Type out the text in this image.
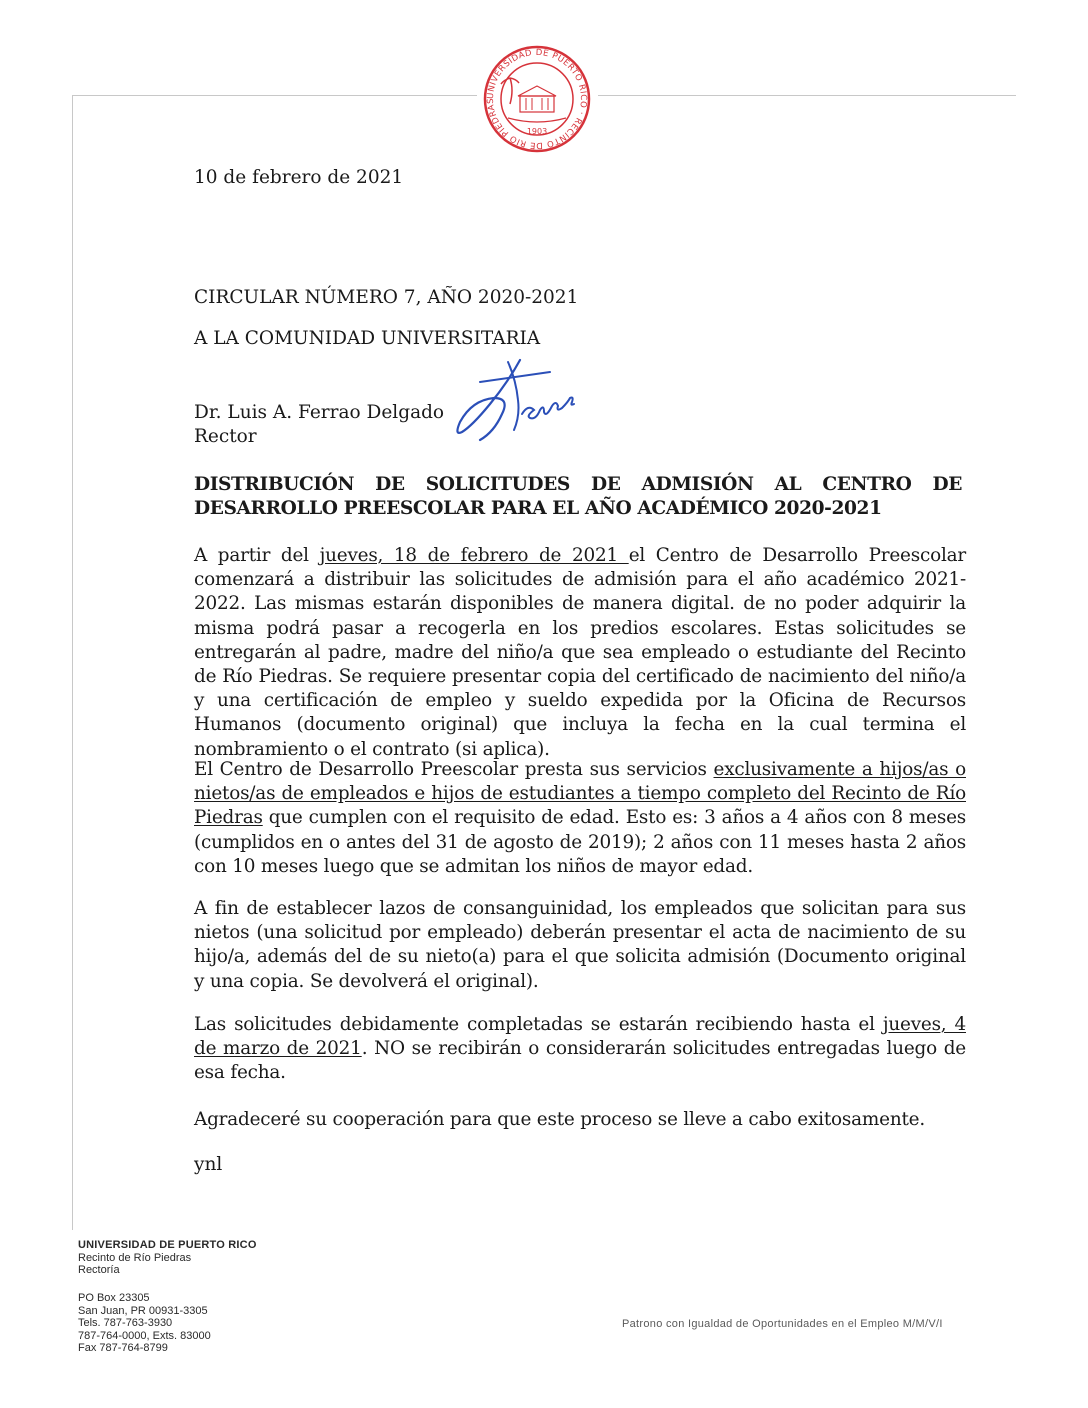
UNIVERSIDAD DE PUERTO RICO · RECINTO DE RÍO PIEDRAS
1903
10 de febrero de 2021
CIRCULAR NÚMERO 7, AÑO 2020-2021
A LA COMUNIDAD UNIVERSITARIA
Dr. Luis A. Ferrao Delgado
Rector
DISTRIBUCIÓN DE SOLICITUDES DE ADMISIÓN AL CENTRO DE
DESARROLLO PREESCOLAR PARA EL AÑO ACADÉMICO 2020-2021
A partir del jueves, 18 de febrero de 2021 el Centro de Desarrollo Preescolar comenzará a distribuir las solicitudes de admisión para el año académico 2021-2022. Las mismas estarán disponibles de manera digital. de no poder adquirir la misma podrá pasar a recogerla en los predios escolares. Estas solicitudes se entregarán al padre, madre del niño/a que sea empleado o estudiante del Recinto de Río Piedras. Se requiere presentar copia del certificado de nacimiento del niño/a y una certificación de empleo y sueldo expedida por la Oficina de Recursos Humanos (documento original) que incluya la fecha en la cual termina el nombramiento o el contrato (si aplica).
El Centro de Desarrollo Preescolar presta sus servicios exclusivamente a hijos/as o nietos/as de empleados e hijos de estudiantes a tiempo completo del Recinto de Río Piedras que cumplen con el requisito de edad. Esto es: 3 años a 4 años con 8 meses (cumplidos en o antes del 31 de agosto de 2019); 2 años con 11 meses hasta 2 años con 10 meses luego que se admitan los niños de mayor edad.
A fin de establecer lazos de consanguinidad, los empleados que solicitan para sus nietos (una solicitud por empleado) deberán presentar el acta de nacimiento de su hijo/a, además del de su nieto(a) para el que solicita admisión (Documento original y una copia. Se devolverá el original).
Las solicitudes debidamente completadas se estarán recibiendo hasta el jueves, 4 de marzo de 2021. NO se recibirán o considerarán solicitudes entregadas luego de esa fecha.
Agradeceré su cooperación para que este proceso se lleve a cabo exitosamente.
ynl
UNIVERSIDAD DE PUERTO RICO
Recinto de Río Piedras
Rectoría
PO Box 23305
San Juan, PR 00931-3305
Tels. 787-763-3930
787-764-0000, Exts. 83000
Fax 787-764-8799
Patrono con Igualdad de Oportunidades en el Empleo M/M/V/I
